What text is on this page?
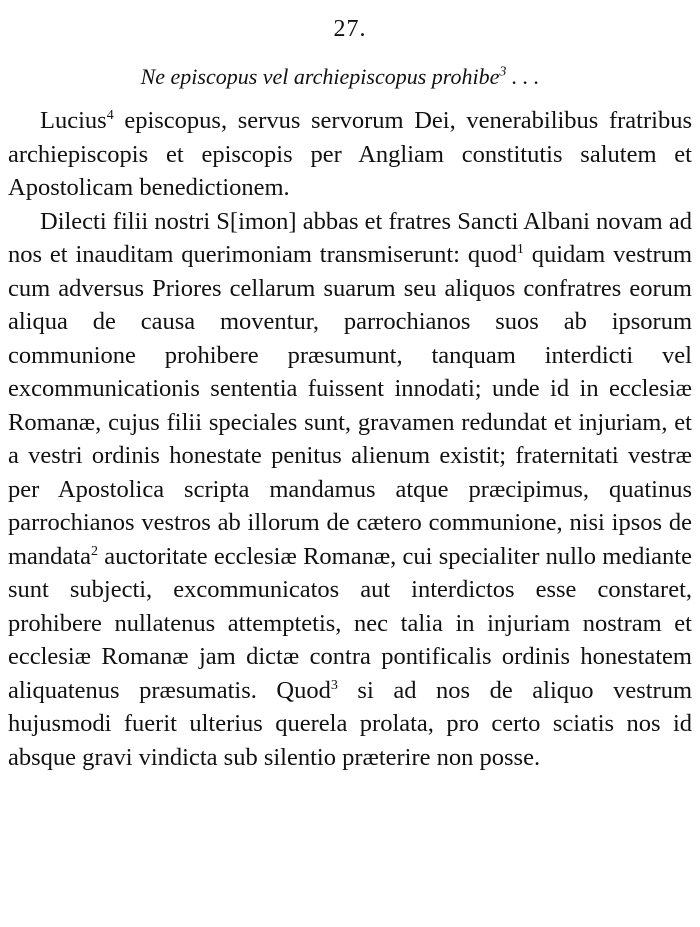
27.
Ne episcopus vel archiepiscopus prohibe$^3$ . . .

Lucius$^4$ episcopus, servus servorum Dei, venerabilibus fratribus archiepiscopis et episcopis per Angliam constitutis salutem et Apostolicam benedictionem.

Dilecti filii nostri S[imon] abbas et fratres Sancti Albani novam ad nos et inauditam querimoniam transmiserunt: quod$^1$ quidam vestrum cum adversus Priores cellarum suarum seu aliquos confratres eorum aliqua de causa moventur, parrochianos suos ab ipsorum communione prohibere præsumunt, tanquam interdicti vel excommunicationis sententia fuissent innodati; unde id in ecclesiæ Romanæ, cujus filii speciales sunt, gravamen redundat et injuriam, et a vestri ordinis honestate penitus alienum existit; fraternitati vestræ per Apostolica scripta mandamus atque præcipimus, quatinus parrochianos vestros ab illorum de cætero communione, nisi ipsos de mandata$^2$ auctoritate ecclesiæ Romanæ, cui specialiter nullo mediante sunt subjecti, excommunicatos aut interdictos esse constaret, prohibere nullatenus attemptetis, nec talia in injuriam nostram et ecclesiæ Romanæ jam dictæ contra pontificalis ordinis honestatem aliquatenus præsumatis. Quod$^3$ si ad nos de aliquo vestrum hujusmodi fuerit ulterius querela prolata, pro certo sciatis nos id absque gravi vindicta sub silentio præterire non posse.
